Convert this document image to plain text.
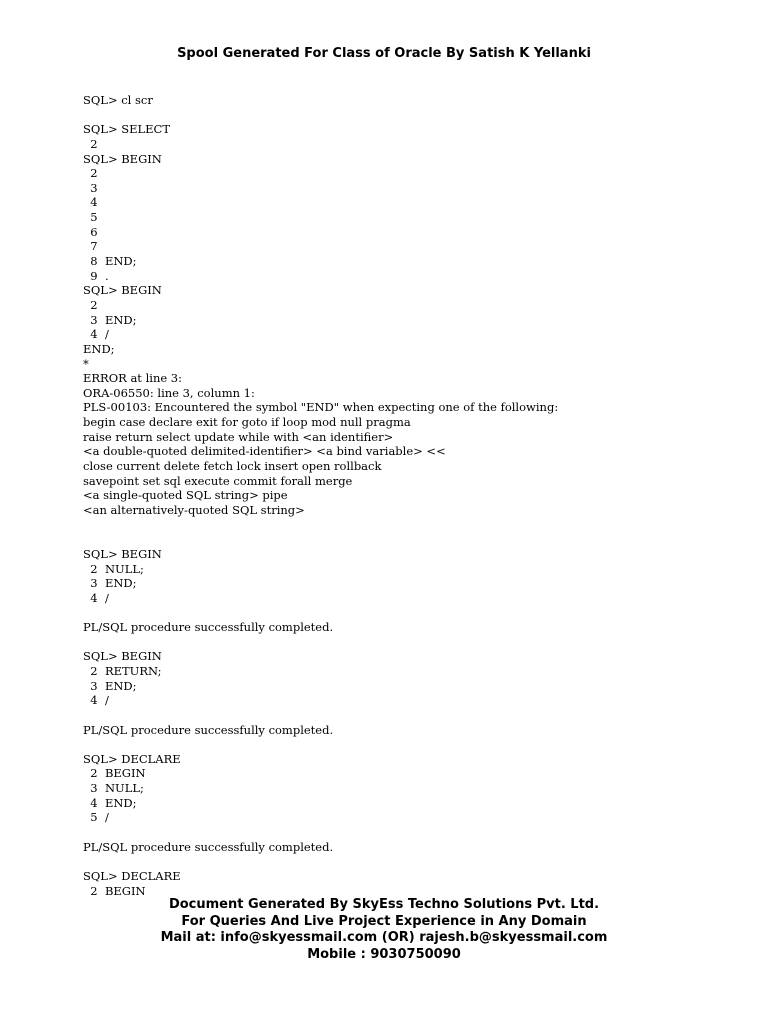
Spool Generated For Class of Oracle By Satish K Yellanki
SQL> cl scr
SQL> SELECT
2
SQL> BEGIN
2
3
4
5
6
7
8  END;
9  .
SQL> BEGIN
2
3  END;
4  /
END;
*
ERROR at line 3:
ORA-06550: line 3, column 1:
PLS-00103: Encountered the symbol "END" when expecting one of the following:
begin case declare exit for goto if loop mod null pragma
raise return select update while with <an identifier>
<a double-quoted delimited-identifier> <a bind variable> <<
close current delete fetch lock insert open rollback
savepoint set sql execute commit forall merge
<a single-quoted SQL string> pipe
<an alternatively-quoted SQL string>
SQL> BEGIN
2  NULL;
3  END;
4  /
PL/SQL procedure successfully completed.
SQL> BEGIN
2  RETURN;
3  END;
4  /
PL/SQL procedure successfully completed.
SQL> DECLARE
2  BEGIN
3  NULL;
4  END;
5  /
PL/SQL procedure successfully completed.
SQL> DECLARE
2  BEGIN
Document Generated By SkyEss Techno Solutions Pvt. Ltd.
For Queries And Live Project Experience in Any Domain
Mail at: info@skyessmail.com (OR) rajesh.b@skyessmail.com
Mobile : 9030750090
